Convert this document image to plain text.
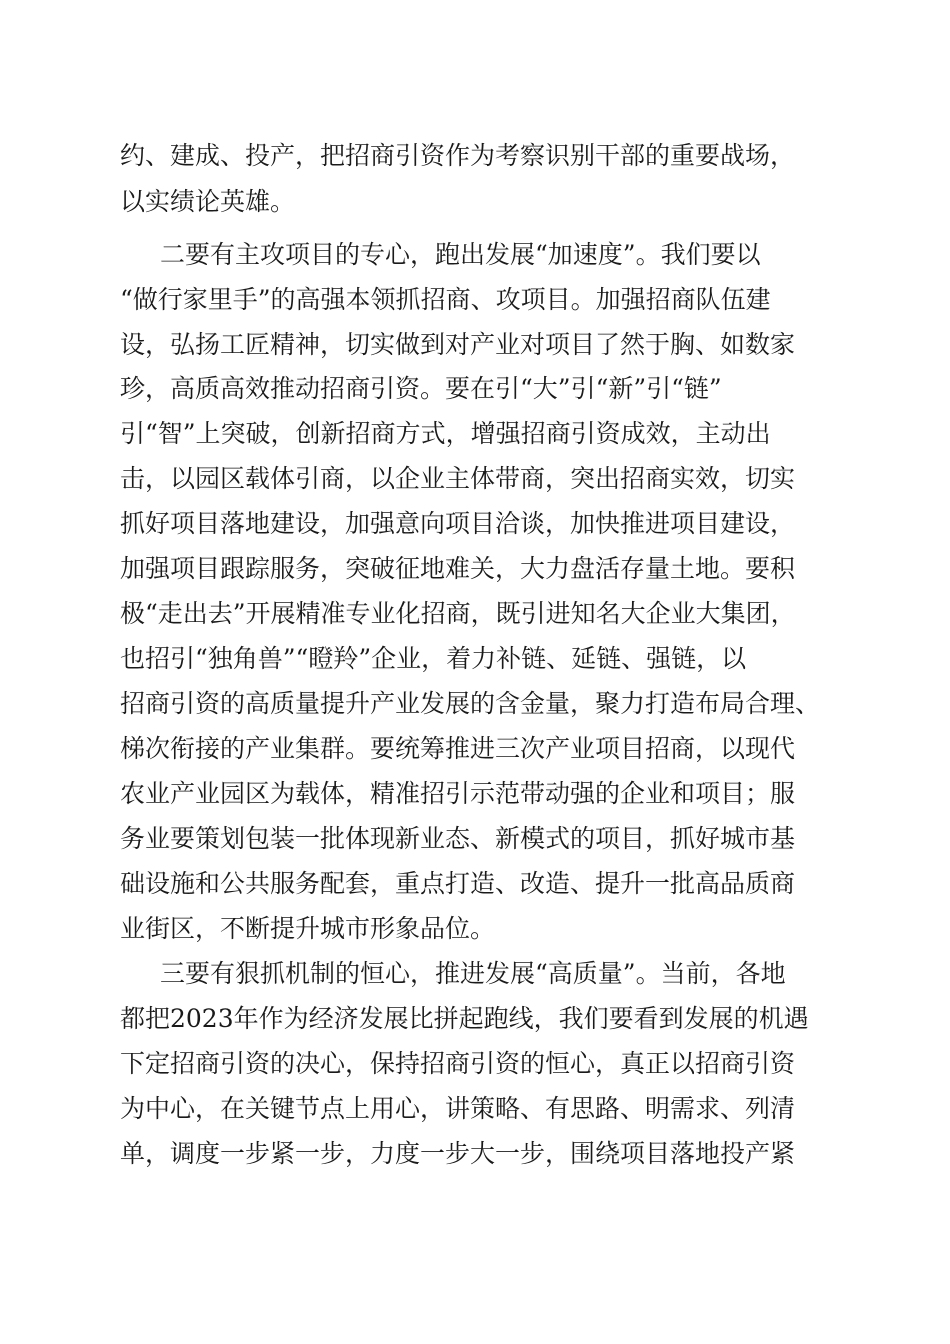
约、建成、投产，把招商引资作为考察识别干部的重要战场，
以实绩论英雄。
二要有主攻项目的专心，跑出发展“加速度”。我们要以
“做行家里手”的高强本领抓招商、攻项目。加强招商队伍建
设，弘扬工匠精神，切实做到对产业对项目了然于胸、如数家
珍，高质高效推动招商引资。要在引“大”引“新”引“链”
引“智”上突破，创新招商方式，增强招商引资成效，主动出
击，以园区载体引商，以企业主体带商，突出招商实效，切实
抓好项目落地建设，加强意向项目洽谈，加快推进项目建设，
加强项目跟踪服务，突破征地难关，大力盘活存量土地。要积
极“走出去”开展精准专业化招商，既引进知名大企业大集团，
也招引“独角兽”“瞪羚”企业，着力补链、延链、强链，以
招商引资的高质量提升产业发展的含金量，聚力打造布局合理、
梯次衔接的产业集群。要统筹推进三次产业项目招商，以现代
农业产业园区为载体，精准招引示范带动强的企业和项目；服
务业要策划包装一批体现新业态、新模式的项目，抓好城市基
础设施和公共服务配套，重点打造、改造、提升一批高品质商
业街区，不断提升城市形象品位。
三要有狠抓机制的恒心，推进发展“高质量”。当前，各地
都把2023年作为经济发展比拼起跑线，我们要看到发展的机遇
下定招商引资的决心，保持招商引资的恒心，真正以招商引资
为中心，在关键节点上用心，讲策略、有思路、明需求、列清
单，调度一步紧一步，力度一步大一步，围绕项目落地投产紧
